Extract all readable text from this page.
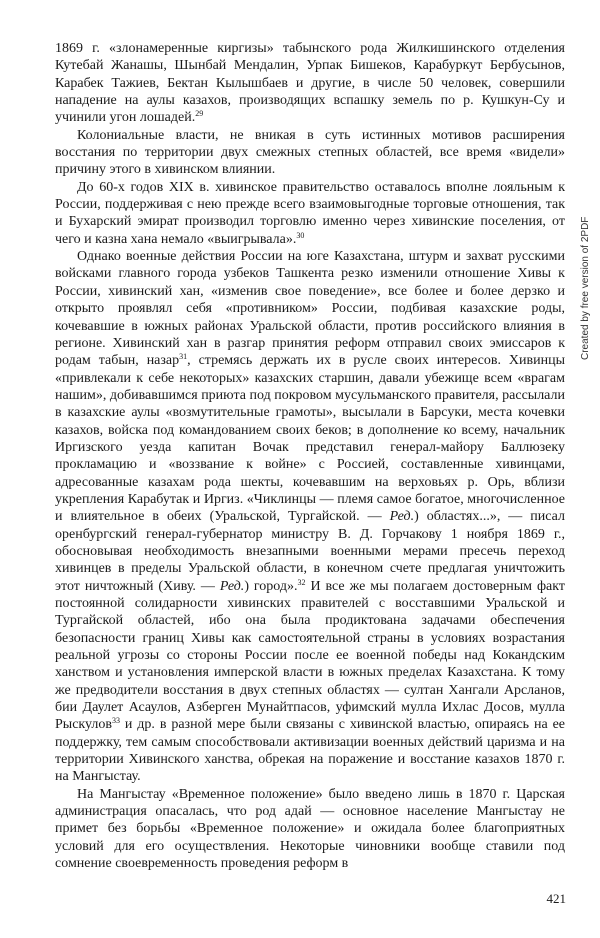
1869 г. «злонамеренные киргизы» табынского рода Жилкишинского отделения Кутебай Жанашы, Шынбай Мендалин, Урпак Бишеков, Карабуркут Бербусынов, Карабек Тажиев, Бектан Кылышбаев и другие, в числе 50 человек, совершили нападение на аулы казахов, производящих вспашку земель по р. Кушкун-Су и учинили угон лошадей.$^{29}$

Колониальные власти, не вникая в суть истинных мотивов расширения восстания по территории двух смежных степных областей, все время «видели» причину этого в хивинском влиянии.

До 60-х годов XIX в. хивинское правительство оставалось вполне лояльным к России, поддерживая с нею прежде всего взаимовыгодные торговые отношения, так и Бухарский эмират производил торговлю именно через хивинские поселения, от чего и казна хана немало «выигрывала».$^{30}$

Однако военные действия России на юге Казахстана, штурм и захват русскими войсками главного города узбеков Ташкента резко изменили отношение Хивы к России, хивинский хан, «изменив свое поведение», все более и более дерзко и открыто проявлял себя «противником» России, подбивая казахские роды, кочевавшие в южных районах Уральской области, против российского влияния в регионе. Хивинский хан в разгар принятия реформ отправил своих эмиссаров к родам табын, назар$^{31}$, стремясь держать их в русле своих интересов. Хивинцы «привлекали к себе некоторых» казахских старшин, давали убежище всем «врагам нашим», добивавшимся приюта под покровом мусульманского правителя, рассылали в казахские аулы «возмутительные грамоты», высылали в Барсуки, места кочевки казахов, войска под командованием своих беков; в дополнение ко всему, начальник Иргизского уезда капитан Вочак представил генерал-майору Баллюзеку прокламацию и «воззвание к войне» с Россией, составленные хивинцами, адресованные казахам рода шекты, кочевавшим на верховьях р. Орь, вблизи укрепления Карабутак и Иргиз. «Чиклинцы — племя самое богатое, многочисленное и влиятельное в обеих (Уральской, Тургайской. — Ред.) областях...», — писал оренбургский генерал-губернатор министру В. Д. Горчакову 1 ноября 1869 г., обосновывая необходимость внезапными военными мерами пресечь переход хивинцев в пределы Уральской области, в конечном счете предлагая уничтожить этот ничтожный (Хиву. — Ред.) город».$^{32}$ И все же мы полагаем достоверным факт постоянной солидарности хивинских правителей с восставшими Уральской и Тургайской областей, ибо она была продиктована задачами обеспечения безопасности границ Хивы как самостоятельной страны в условиях возрастания реальной угрозы со стороны России после ее военной победы над Кокандским ханством и установления имперской власти в южных пределах Казахстана. К тому же предводители восстания в двух степных областях — султан Хангали Арсланов, бии Даулет Асаулов, Азберген Мунайтпасов, уфимский мулла Ихлас Досов, мулла Рыскулов$^{33}$ и др. в разной мере были связаны с хивинской властью, опираясь на ее поддержку, тем самым способствовали активизации военных действий царизма и на территории Хивинского ханства, обрекая на поражение и восстание казахов 1870 г. на Мангыстау.

На Мангыстау «Временное положение» было введено лишь в 1870 г. Царская администрация опасалась, что род адай — основное население Мангыстау не примет без борьбы «Временное положение» и ожидала более благоприятных условий для его осуществления. Некоторые чиновники вообще ставили под сомнение своевременность проведения реформ в

Created by free version of 2PDF
421
